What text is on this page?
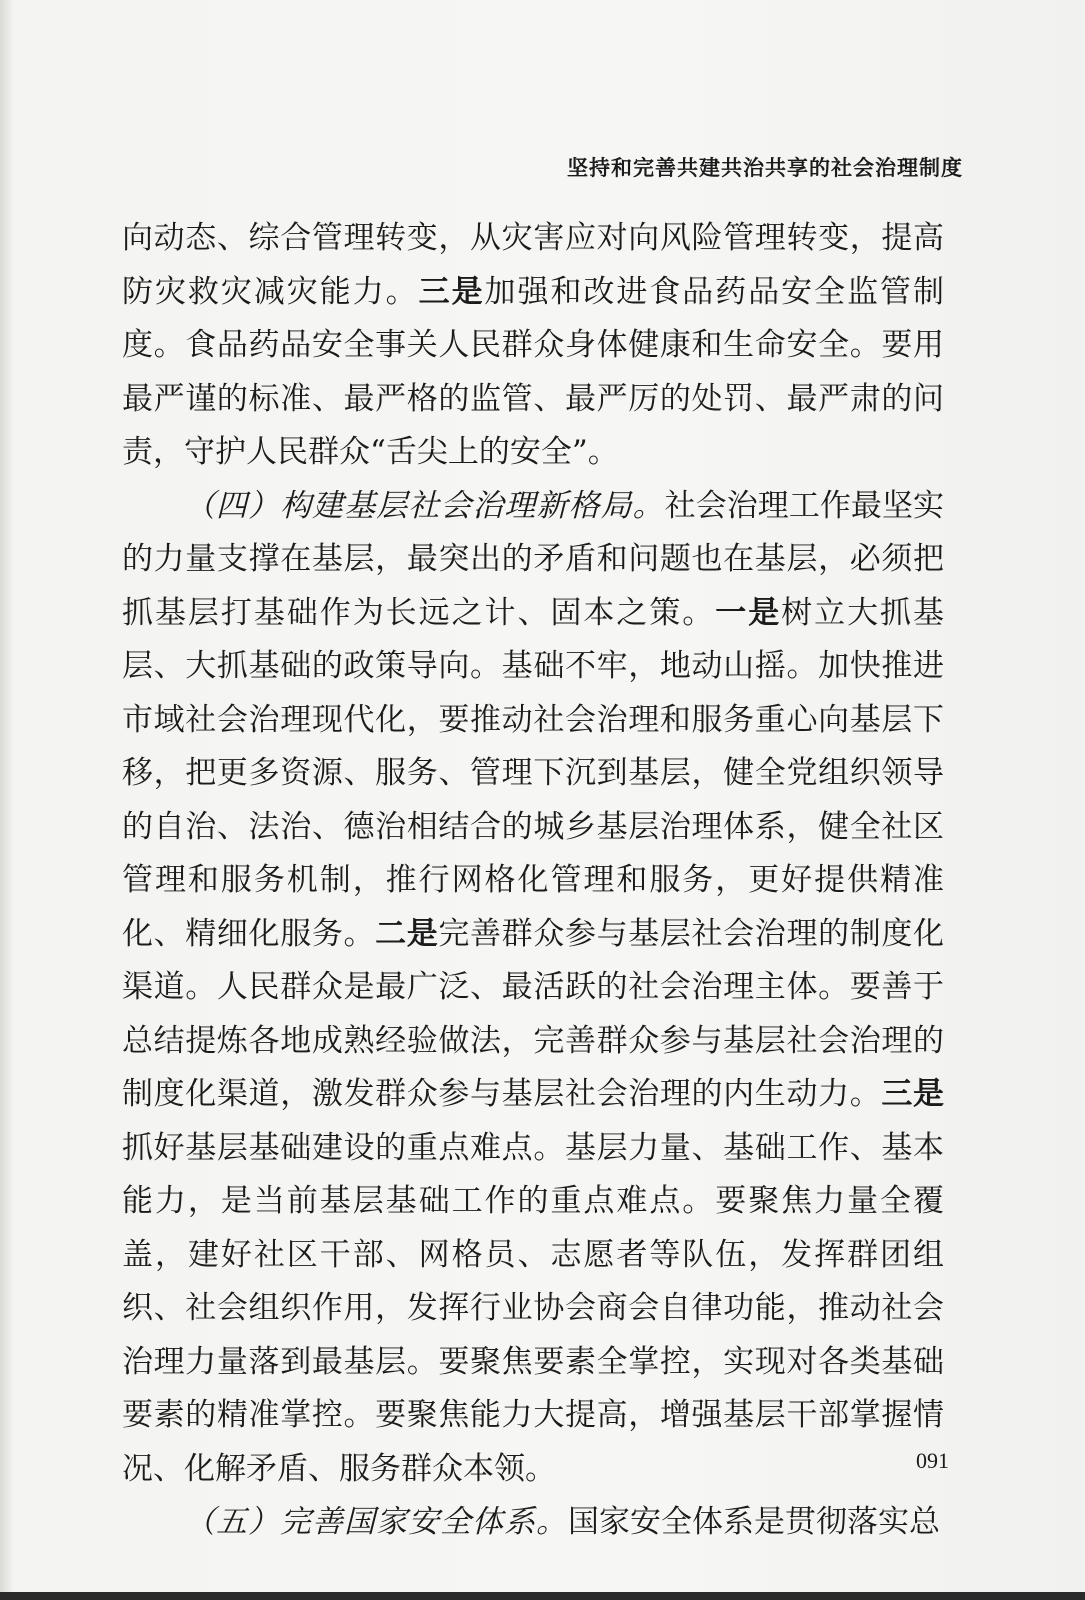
坚持和完善共建共治共享的社会治理制度

向动态、综合管理转变，从灾害应对向风险管理转变，提高防灾救灾减灾能力。三是加强和改进食品药品安全监管制度。食品药品安全事关人民群众身体健康和生命安全。要用最严谨的标准、最严格的监管、最严厉的处罚、最严肃的问责，守护人民群众“舌尖上的安全”。

（四）构建基层社会治理新格局。社会治理工作最坚实的力量支撑在基层，最突出的矛盾和问题也在基层，必须把抓基层打基础作为长远之计、固本之策。一是树立大抓基层、大抓基础的政策导向。基础不牢，地动山摇。加快推进市域社会治理现代化，要推动社会治理和服务重心向基层下移，把更多资源、服务、管理下沉到基层，健全党组织领导的自治、法治、德治相结合的城乡基层治理体系，健全社区管理和服务机制，推行网格化管理和服务，更好提供精准化、精细化服务。二是完善群众参与基层社会治理的制度化渠道。人民群众是最广泛、最活跃的社会治理主体。要善于总结提炼各地成熟经验做法，完善群众参与基层社会治理的制度化渠道，激发群众参与基层社会治理的内生动力。三是抓好基层基础建设的重点难点。基层力量、基础工作、基本能力，是当前基层基础工作的重点难点。要聚焦力量全覆盖，建好社区干部、网格员、志愿者等队伍，发挥群团组织、社会组织作用，发挥行业协会商会自律功能，推动社会治理力量落到最基层。要聚焦要素全掌控，实现对各类基础要素的精准掌控。要聚焦能力大提高，增强基层干部掌握情况、化解矛盾、服务群众本领。

（五）完善国家安全体系。国家安全体系是贯彻落实总

091
